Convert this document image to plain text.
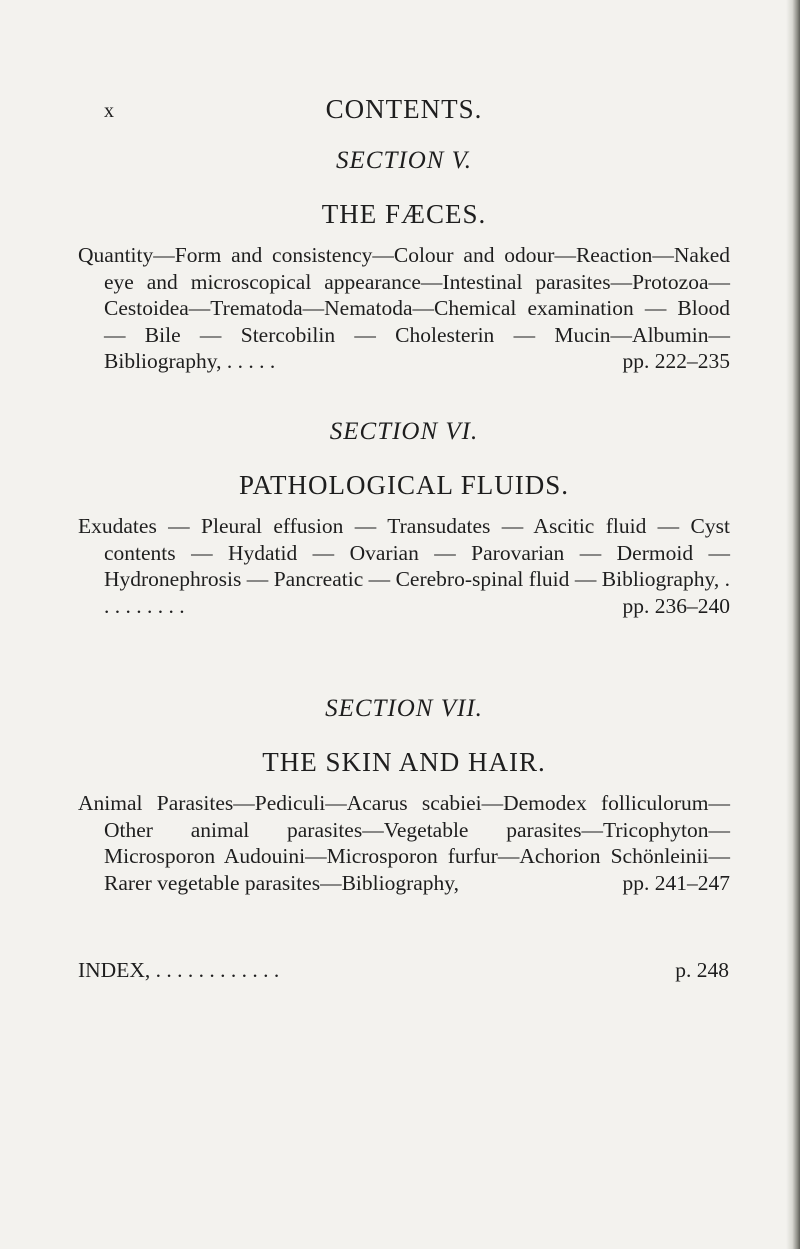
x	CONTENTS.
SECTION V.
THE FÆCES.
Quantity—Form and consistency—Colour and odour—Reaction—Naked eye and microscopical appearance—Intestinal parasites—Protozoa—Cestoidea—Trematoda—Nematoda—Chemical examination — Blood — Bile — Stercobilin — Cholesterin — Mucin—Albumin—Bibliography, . . . . .	pp. 222–235
SECTION VI.
PATHOLOGICAL FLUIDS.
Exudates — Pleural effusion — Transudates — Ascitic fluid — Cyst contents — Hydatid — Ovarian — Parovarian — Dermoid — Hydronephrosis — Pancreatic — Cerebro-spinal fluid — Bibliography, . . . . . . . . .	pp. 236–240
SECTION VII.
THE SKIN AND HAIR.
Animal Parasites—Pediculi—Acarus scabiei—Demodex folliculorum—Other animal parasites—Vegetable parasites—Tricophyton—Microsporon Audouini—Microsporon furfur—Achorion Schönleinii—Rarer vegetable parasites—Bibliography,	pp. 241–247
INDEX, . . . . . . . . . . . .	p. 248
